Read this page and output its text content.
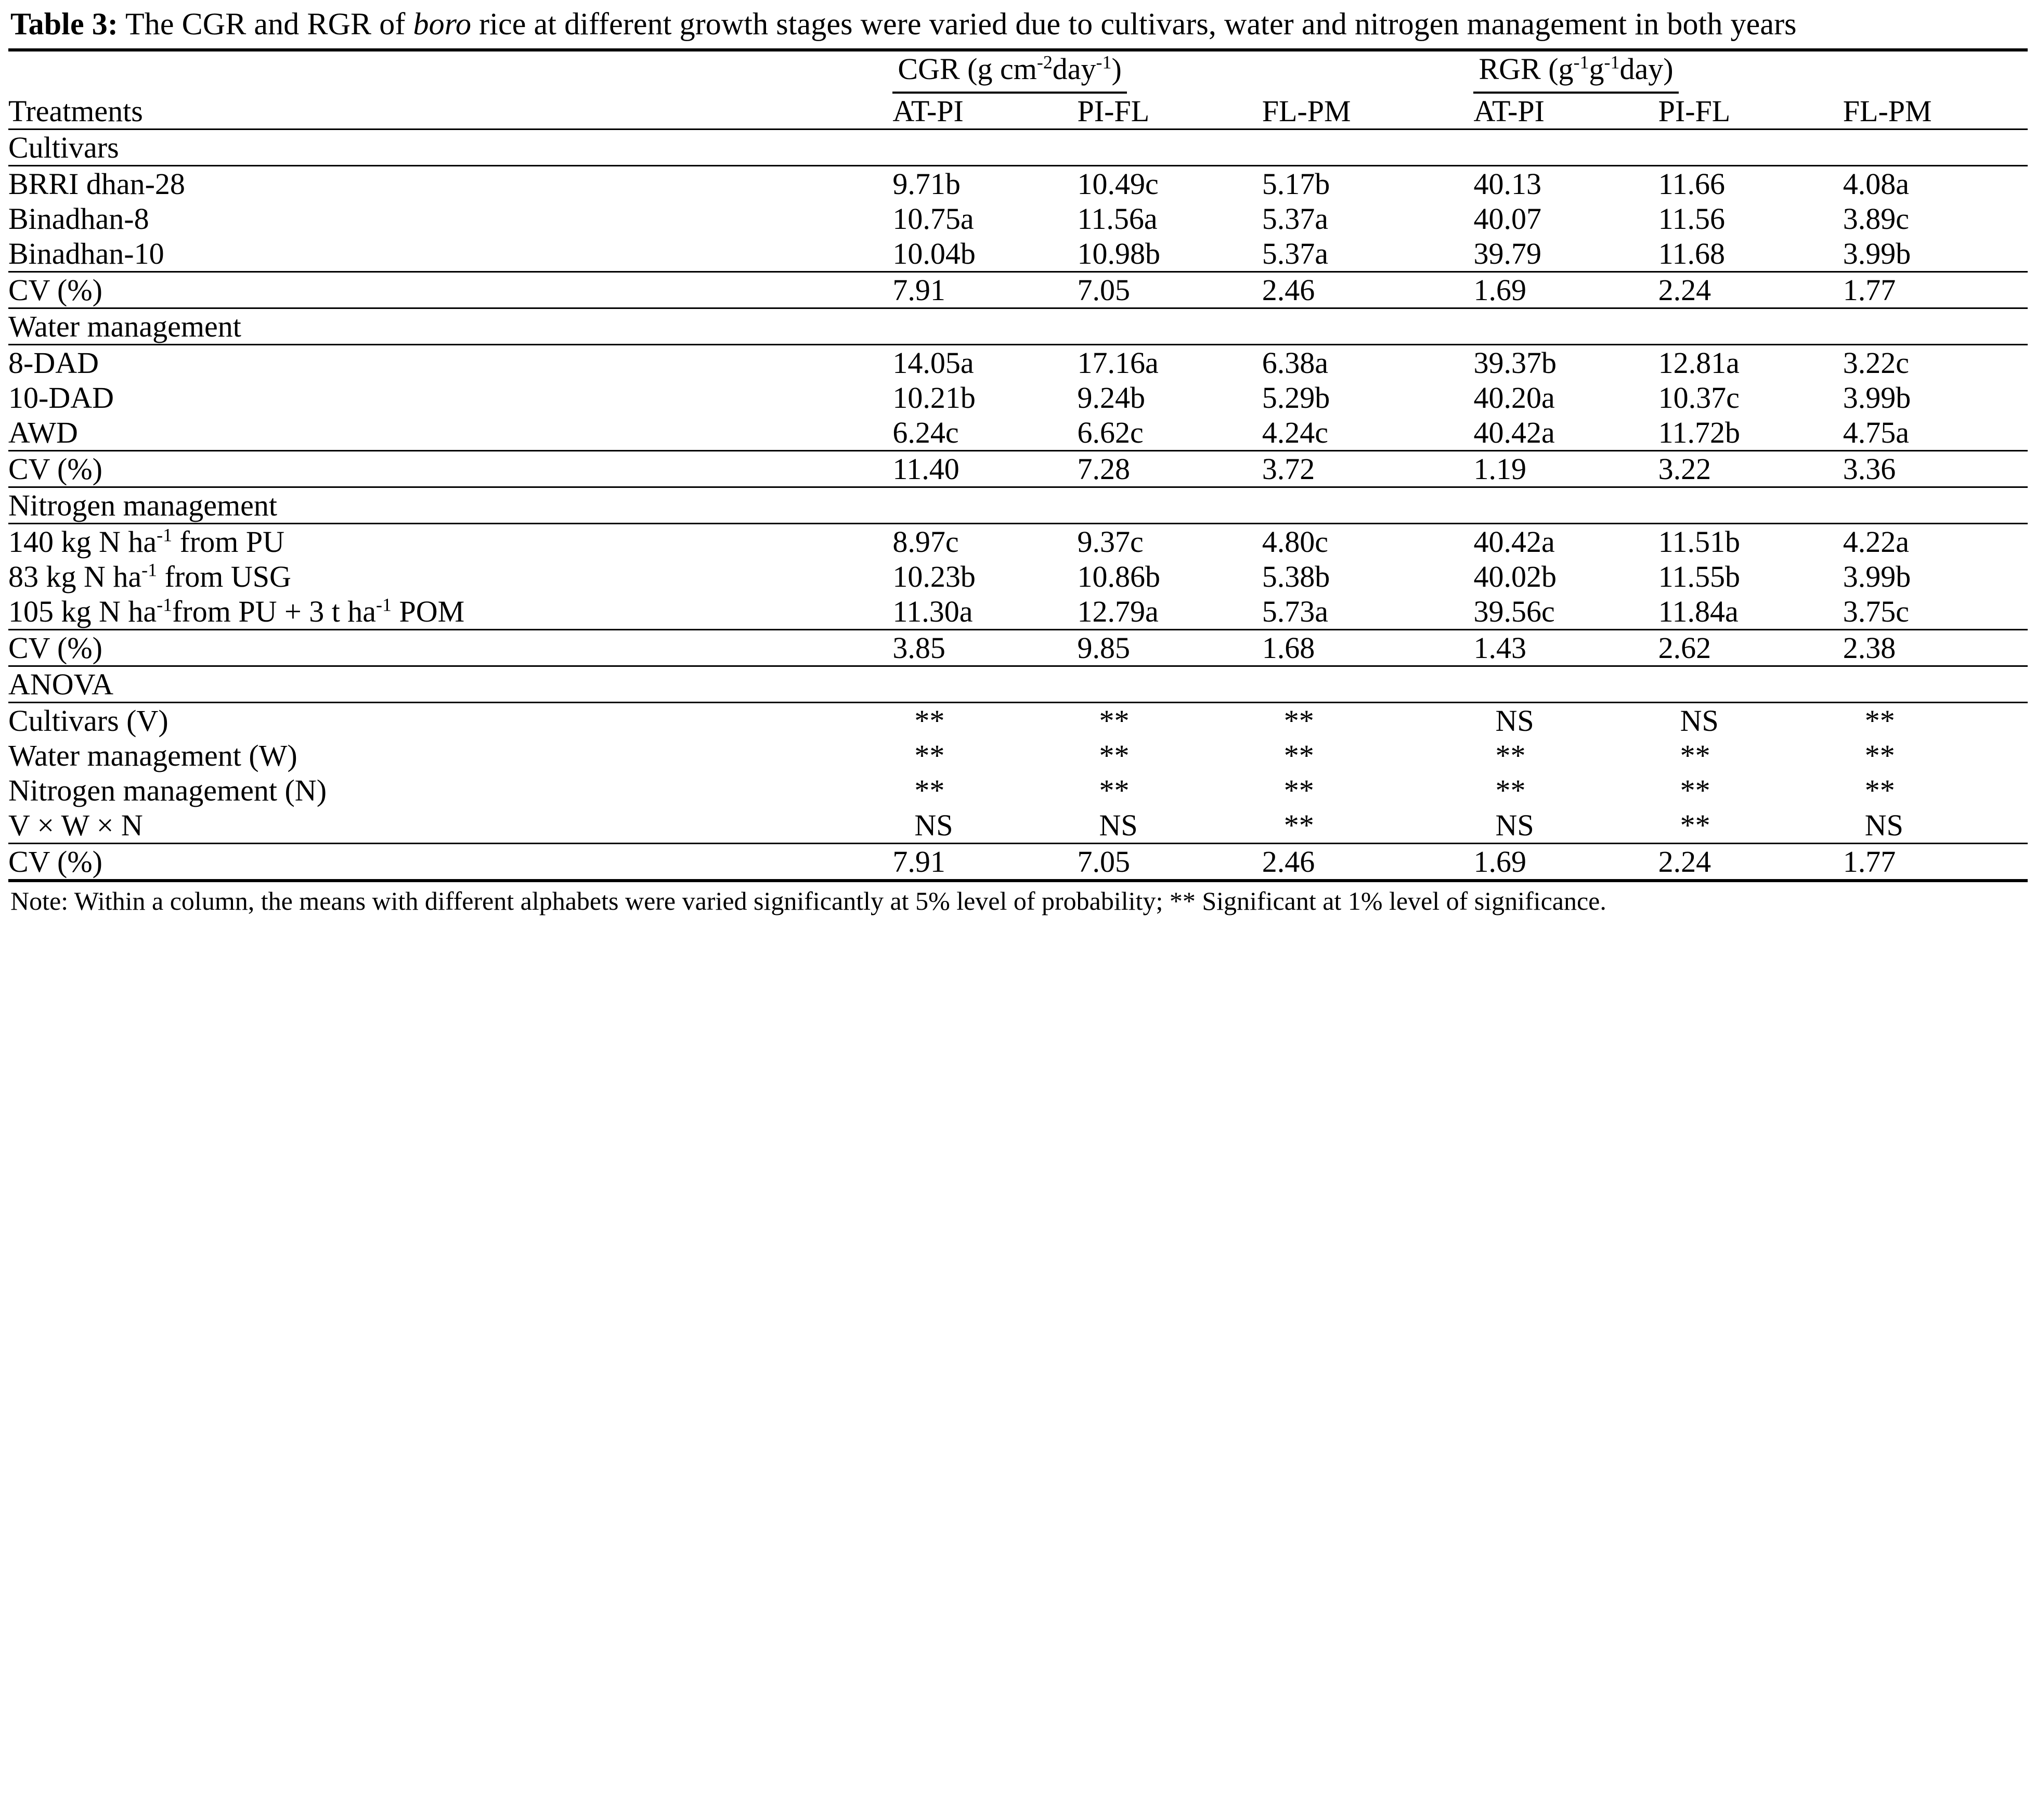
Table 3: The CGR and RGR of boro rice at different growth stages were varied due to cultivars, water and nitrogen management in both years
Treatments	CGR (g $cm^{-2}day^{-1}$)				RGR $(g^{-1}g^{-1}day)$		
	AT-PI	PI-FL	FL-PM		AT-PI	PI-FL	FL-PM
Cultivars							
BRRI dhan-28	9.71b	10.49c	5.17b		40.13	11.66	4.08a
Binadhan-8	10.75a	11.56a	5.37a		40.07	11.56	3.89c
Binadhan-10	10.04b	10.98b	5.37a		39.79	11.68	3.99b
CV (%)	7.91	7.05	2.46		1.69	2.24	1.77
Water management							
8-DAD	14.05a	17.16a	6.38a		39.37b	12.81a	3.22c
10-DAD	10.21b	9.24b	5.29b		40.20a	10.37c	3.99b
AWD	6.24c	6.62c	4.24c		40.42a	11.72b	4.75a
CV (%)	11.40	7.28	3.72		1.19	3.22	3.36
Nitrogen management							
140 kg N $ha^{-1}$ from PU	8.97c	9.37c	4.80c		40.42a	11.51b	4.22a
83 kg N $ha^{-1}$ from USG	10.23b	10.86b	5.38b		40.02b	11.55b	3.99b
105 kg N $ha^{-1}from$ PU + 3 t $ha^{-1}$ POM	11.30a	12.79a	5.73a		39.56c	11.84a	3.75c
CV (%)	3.85	9.85	1.68		1.43	2.62	2.38
ANOVA							
Cultivars (V)	**	**	**		NS	NS	**
Water management (W)	**	**	**		**	**	**
Nitrogen management (N)	**	**	**		**	**	**
V × W × N	NS	NS	**		NS	**	NS
CV (%)	7.91	7.05	2.46		1.69	2.24	1.77
Note: Within a column, the means with different alphabets were varied significantly at 5% level of probability; ** Significant at 1% level of significance.
